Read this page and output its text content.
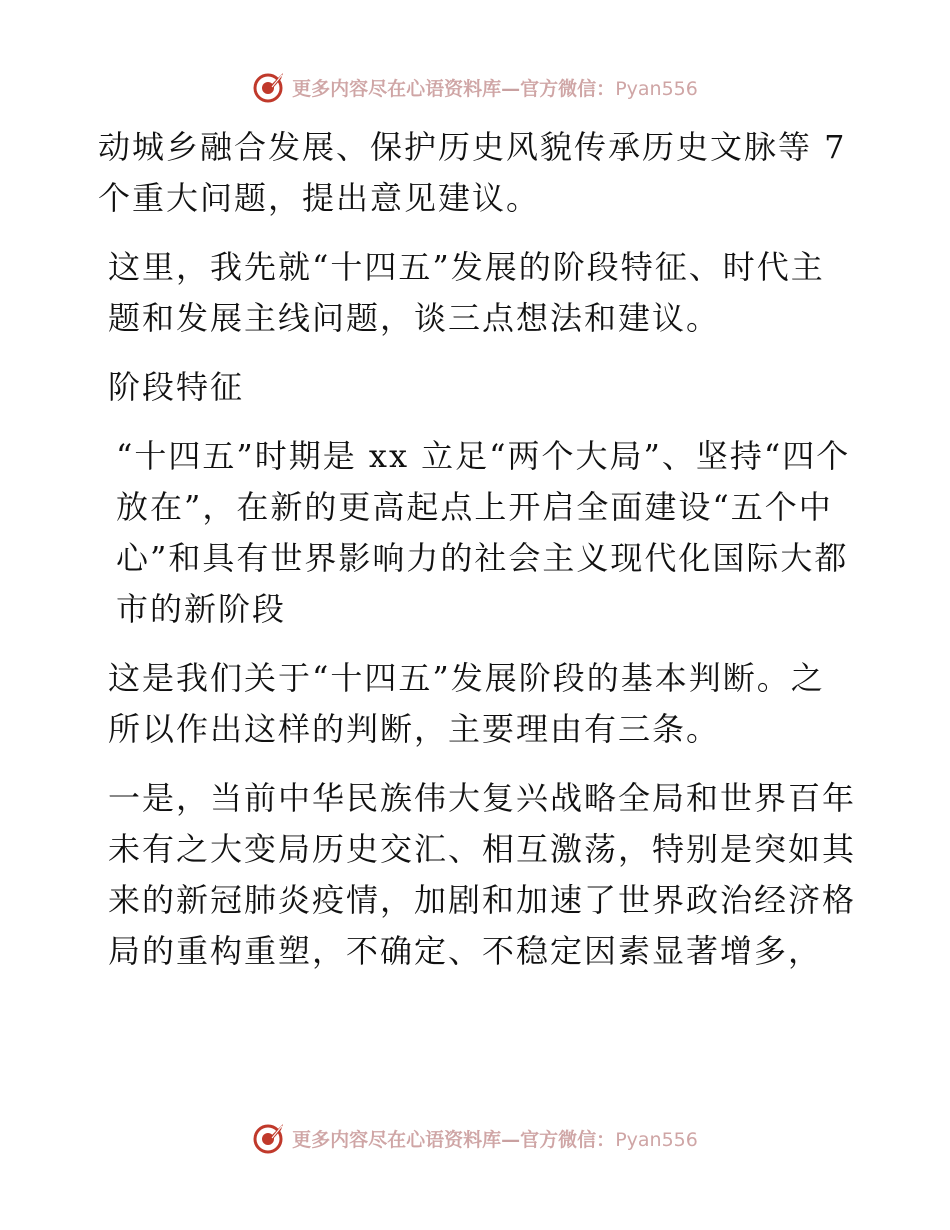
更多内容尽在心语资料库—官方微信：Pyan556

动城乡融合发展、保护历史风貌传承历史文脉等 7 个重大问题，提出意见建议。

这里，我先就“十四五”发展的阶段特征、时代主题和发展主线问题，谈三点想法和建议。

阶段特征

“十四五”时期是 xx 立足“两个大局”、坚持“四个放在”，在新的更高起点上开启全面建设“五个中心”和具有世界影响力的社会主义现代化国际大都市的新阶段

这是我们关于“十四五”发展阶段的基本判断。之所以作出这样的判断，主要理由有三条。

一是，当前中华民族伟大复兴战略全局和世界百年未有之大变局历史交汇、相互激荡，特别是突如其来的新冠肺炎疫情，加剧和加速了世界政治经济格局的重构重塑，不确定、不稳定因素显著增多，

更多内容尽在心语资料库—官方微信：Pyan556
